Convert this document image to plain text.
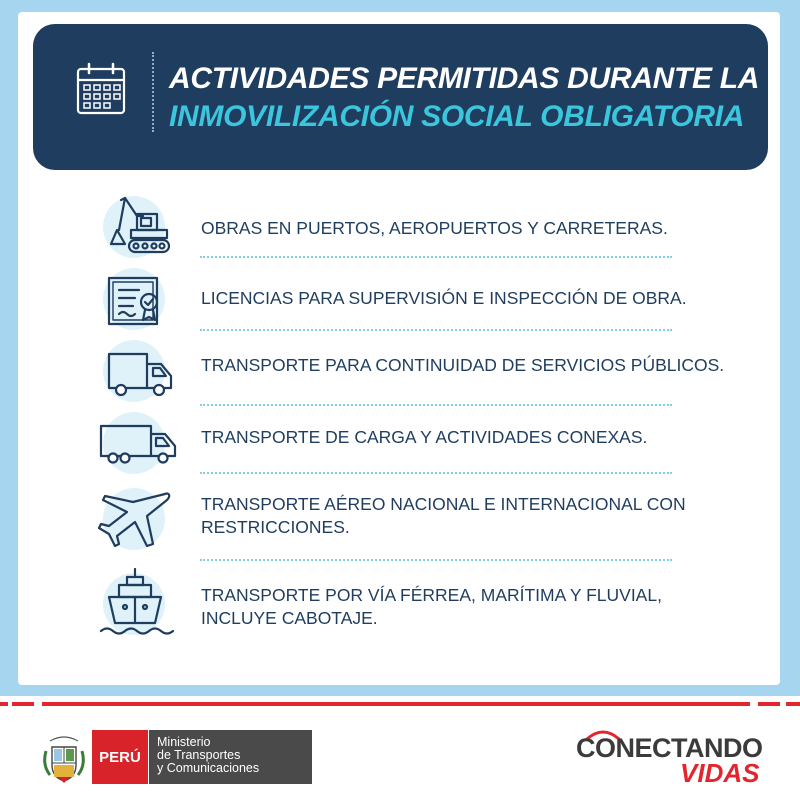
ACTIVIDADES PERMITIDAS DURANTE LA
INMOVILIZACIÓN SOCIAL OBLIGATORIA
OBRAS EN PUERTOS, AEROPUERTOS Y CARRETERAS.
LICENCIAS PARA SUPERVISIÓN E INSPECCIÓN DE OBRA.
TRANSPORTE PARA CONTINUIDAD DE SERVICIOS PÚBLICOS.
TRANSPORTE DE CARGA Y ACTIVIDADES CONEXAS.
TRANSPORTE AÉREO NACIONAL E INTERNACIONAL CON
RESTRICCIONES.
TRANSPORTE POR VÍA FÉRREA, MARÍTIMA Y FLUVIAL,
INCLUYE CABOTAJE.
PERÚ
Ministerio
de Transportes
y Comunicaciones
CONECTANDO
VIDAS
